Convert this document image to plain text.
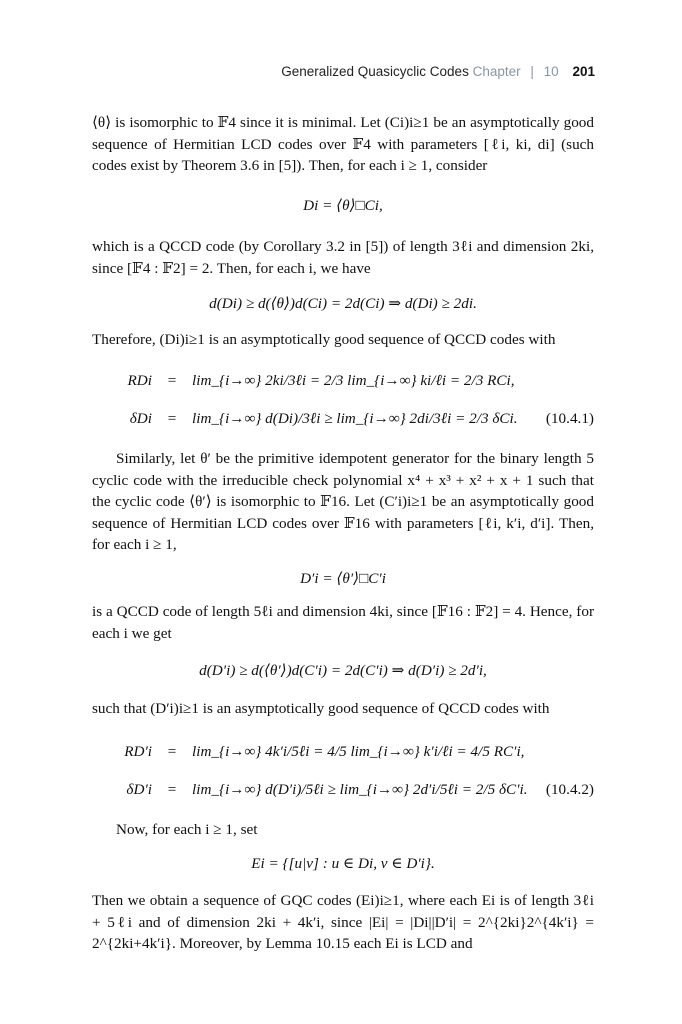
Generalized Quasicyclic Codes Chapter | 10 201

⟨θ⟩ is isomorphic to 𝔽4 since it is minimal. Let (Ci)i≥1 be an asymptotically good sequence of Hermitian LCD codes over 𝔽4 with parameters [ℓi, ki, di] (such codes exist by Theorem 3.6 in [5]). Then, for each i ≥ 1, consider

Di = ⟨θ⟩□Ci,

which is a QCCD code (by Corollary 3.2 in [5]) of length 3ℓi and dimension 2ki, since [𝔽4 : 𝔽2] = 2. Then, for each i, we have

d(Di) ≥ d(⟨θ⟩)d(Ci) = 2d(Ci) ⇒ d(Di) ≥ 2di.

Therefore, (Di)i≥1 is an asymptotically good sequence of QCCD codes with

RDi	=	lim_{i→∞} 2ki/3ℓi = 2/3 lim_{i→∞} ki/ℓi = 2/3 RCi,
δDi	=	lim_{i→∞} d(Di)/3ℓi ≥ lim_{i→∞} 2di/3ℓi = 2/3 δCi.	(10.4.1)

Similarly, let θ′ be the primitive idempotent generator for the binary length 5 cyclic code with the irreducible check polynomial x⁴ + x³ + x² + x + 1 such that the cyclic code ⟨θ′⟩ is isomorphic to 𝔽16. Let (C′i)i≥1 be an asymptotically good sequence of Hermitian LCD codes over 𝔽16 with parameters [ℓi, k′i, d′i]. Then, for each i ≥ 1,

D′i = ⟨θ′⟩□C′i

is a QCCD code of length 5ℓi and dimension 4ki, since [𝔽16 : 𝔽2] = 4. Hence, for each i we get

d(D′i) ≥ d(⟨θ′⟩)d(C′i) = 2d(C′i) ⇒ d(D′i) ≥ 2d′i,

such that (D′i)i≥1 is an asymptotically good sequence of QCCD codes with

RD′i	=	lim_{i→∞} 4k′i/5ℓi = 4/5 lim_{i→∞} k′i/ℓi = 4/5 RC′i,
δD′i	=	lim_{i→∞} d(D′i)/5ℓi ≥ lim_{i→∞} 2d′i/5ℓi = 2/5 δC′i.	(10.4.2)

Now, for each i ≥ 1, set

Ei = {[u|v] : u ∈ Di, v ∈ D′i}.

Then we obtain a sequence of GQC codes (Ei)i≥1, where each Ei is of length 3ℓi + 5ℓi and of dimension 2ki + 4k′i, since |Ei| = |Di||D′i| = 2^{2ki}2^{4k′i} = 2^{2ki+4k′i}. Moreover, by Lemma 10.15 each Ei is LCD and
